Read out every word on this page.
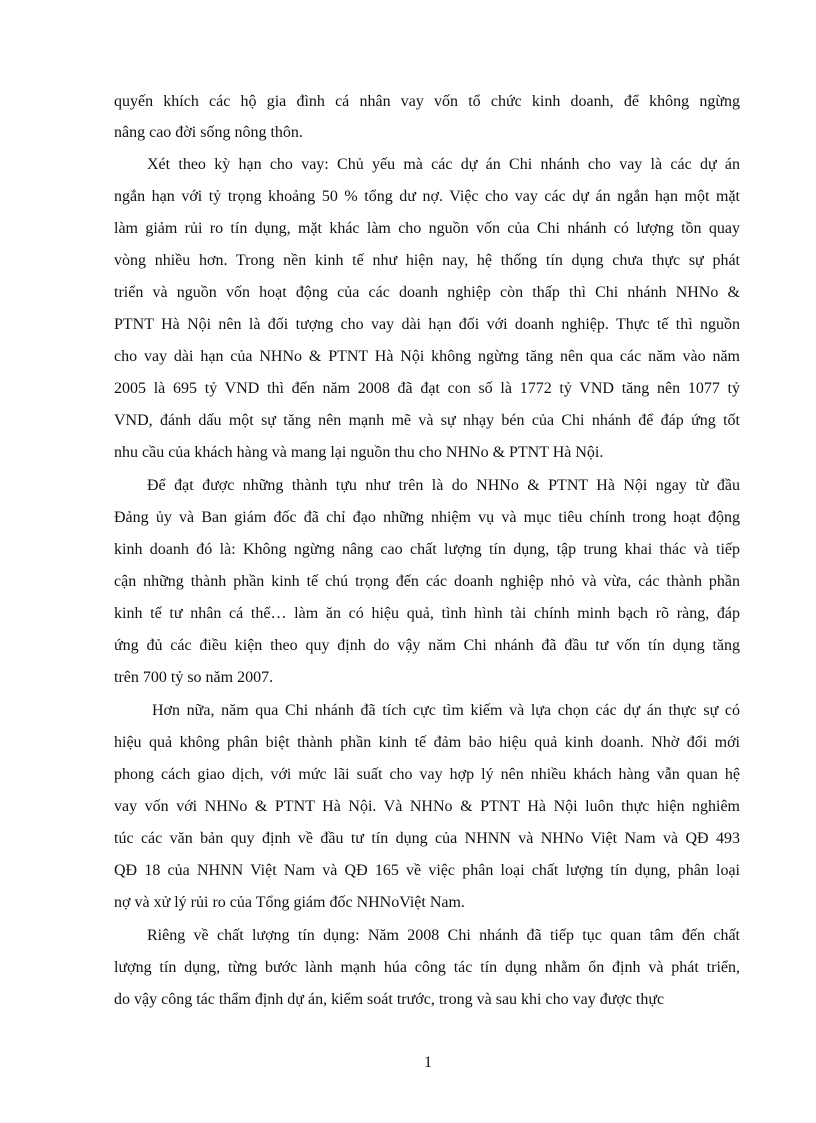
quyến khích các hộ gia đình cá nhân vay vốn tổ chức kinh doanh, để không ngừng
nâng cao đời sống nông thôn.
Xét theo kỳ hạn cho vay: Chủ yếu mà các dự án Chi nhánh cho vay là các dự án
ngắn hạn với tỷ trọng khoảng 50 % tổng dư nợ. Việc cho vay các dự án ngắn hạn một mặt
làm giảm rủi ro tín dụng, mặt khác làm cho nguồn vốn của Chi nhánh có lượng tồn quay
vòng nhiều hơn. Trong nền kinh tế như hiện nay, hệ thống tín dụng chưa thực sự phát
triển và nguồn vốn hoạt động của các doanh nghiệp còn thấp thì Chi nhánh NHNo &
PTNT Hà Nội nên là đối tượng cho vay dài hạn đối với doanh nghiệp. Thực tế thì nguồn
cho vay dài hạn của NHNo & PTNT Hà Nội không ngừng tăng nên qua các năm vào năm
2005 là 695 tỷ VND thì đến năm 2008 đã đạt con số là 1772 tỷ VND tăng nên 1077 tỷ
VND, đánh dấu một sự tăng nên mạnh mẽ và sự nhạy bén của Chi nhánh để đáp ứng tốt
nhu cầu của khách hàng và mang lại nguồn thu cho NHNo & PTNT Hà Nội.
Để đạt được những thành tựu như trên là do NHNo & PTNT Hà Nội ngay từ đầu
Đảng ủy và Ban giám đốc đã chỉ đạo những nhiệm vụ và mục tiêu chính trong hoạt động
kinh doanh đó là: Không ngừng nâng cao chất lượng tín dụng, tập trung khai thác và tiếp
cận những thành phần kinh tế chú trọng đến các doanh nghiệp nhỏ và vừa, các thành phần
kinh tế tư nhân cá thể… làm ăn có hiệu quả, tình hình tài chính minh bạch rõ ràng, đáp
ứng đủ các điều kiện theo quy định do vậy năm Chi nhánh đã đầu tư vốn tín dụng tăng
trên 700 tỷ so năm 2007.
Hơn nữa, năm qua Chi nhánh đã tích cực tìm kiếm và lựa chọn các dự án thực sự có
hiệu quả không phân biệt thành phần kinh tế đảm bảo hiệu quả kinh doanh. Nhờ đổi mới
phong cách giao dịch, với mức lãi suất cho vay hợp lý nên nhiều khách hàng vẫn quan hệ
vay vốn với NHNo & PTNT Hà Nội. Và NHNo & PTNT Hà Nội luôn thực hiện nghiêm
túc các văn bản quy định về đầu tư tín dụng của NHNN và NHNo Việt Nam và QĐ 493
QĐ 18 của NHNN Việt Nam và QĐ 165 về việc phân loại chất lượng tín dụng, phân loại
nợ và xử lý rủi ro của Tổng giám đốc NHNoViệt Nam.
Riêng về chất lượng tín dụng: Năm 2008 Chi nhánh đã tiếp tục quan tâm đến chất
lượng tín dụng, từng bước lành mạnh húa công tác tín dụng nhằm ổn định và phát triển,
do vậy công tác thẩm định dự án, kiểm soát trước, trong và sau khi cho vay được thực
1
